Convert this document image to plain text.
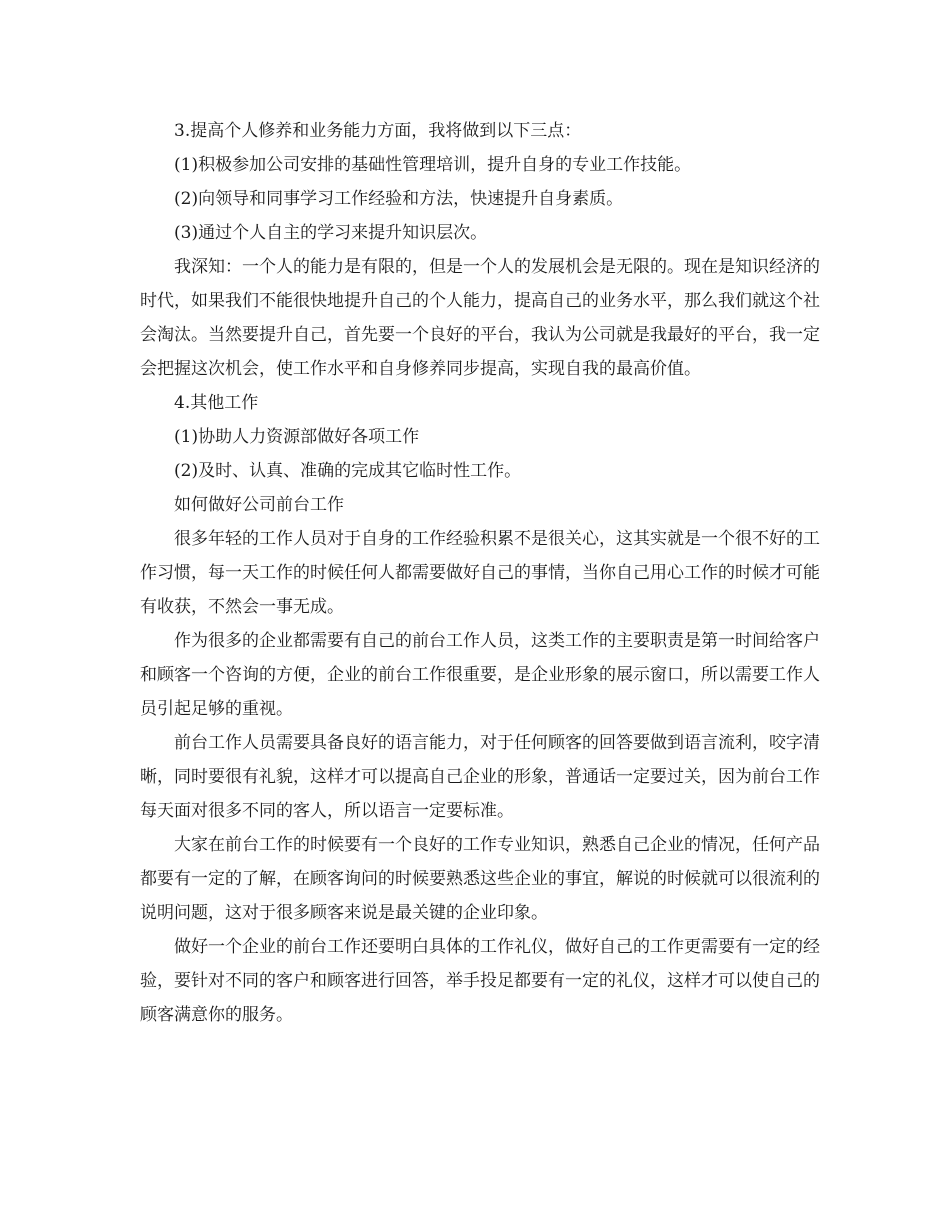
3.提高个人修养和业务能力方面，我将做到以下三点：

(1)积极参加公司安排的基础性管理培训，提升自身的专业工作技能。

(2)向领导和同事学习工作经验和方法，快速提升自身素质。

(3)通过个人自主的学习来提升知识层次。

我深知：一个人的能力是有限的，但是一个人的发展机会是无限的。现在是知识经济的时代，如果我们不能很快地提升自己的个人能力，提高自己的业务水平，那么我们就这个社会淘汰。当然要提升自己，首先要一个良好的平台，我认为公司就是我最好的平台，我一定会把握这次机会，使工作水平和自身修养同步提高，实现自我的最高价值。

4.其他工作

(1)协助人力资源部做好各项工作

(2)及时、认真、准确的完成其它临时性工作。

如何做好公司前台工作

很多年轻的工作人员对于自身的工作经验积累不是很关心，这其实就是一个很不好的工作习惯，每一天工作的时候任何人都需要做好自己的事情，当你自己用心工作的时候才可能有收获，不然会一事无成。

作为很多的企业都需要有自己的前台工作人员，这类工作的主要职责是第一时间给客户和顾客一个咨询的方便，企业的前台工作很重要，是企业形象的展示窗口，所以需要工作人员引起足够的重视。

前台工作人员需要具备良好的语言能力，对于任何顾客的回答要做到语言流利，咬字清晰，同时要很有礼貌，这样才可以提高自己企业的形象，普通话一定要过关，因为前台工作每天面对很多不同的客人，所以语言一定要标准。

大家在前台工作的时候要有一个良好的工作专业知识，熟悉自己企业的情况，任何产品都要有一定的了解，在顾客询问的时候要熟悉这些企业的事宜，解说的时候就可以很流利的说明问题，这对于很多顾客来说是最关键的企业印象。

做好一个企业的前台工作还要明白具体的工作礼仪，做好自己的工作更需要有一定的经验，要针对不同的客户和顾客进行回答，举手投足都要有一定的礼仪，这样才可以使自己的顾客满意你的服务。
